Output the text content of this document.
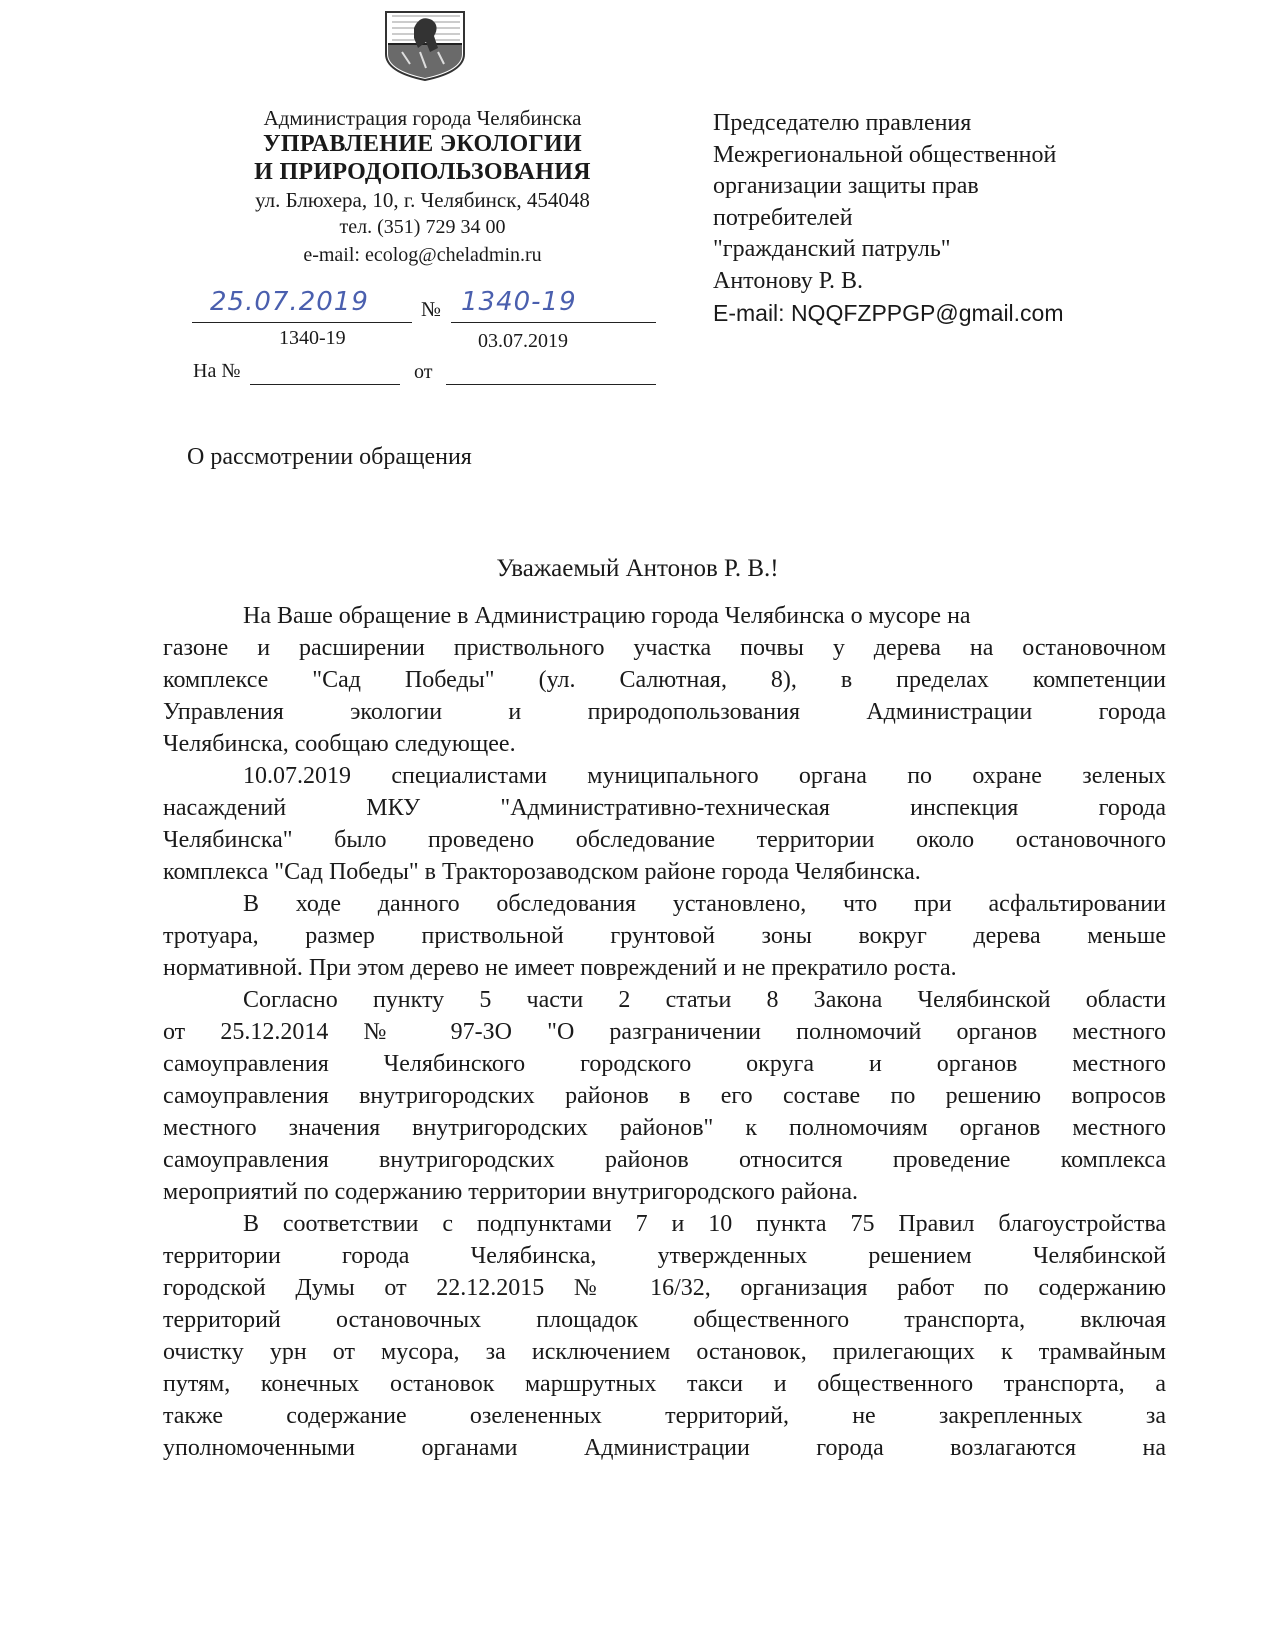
Администрация города Челябинска
УПРАВЛЕНИЕ ЭКОЛОГИИ
И ПРИРОДОПОЛЬЗОВАНИЯ
ул. Блюхера, 10, г. Челябинск, 454048
тел. (351) 729 34 00
e-mail: ecolog@cheladmin.ru
25.07.2019 № 1340-19
1340-19	03.07.2019
На №	от
Председателю правления
Межрегиональной общественной
организации защиты прав
потребителей
"гражданский патруль"
Антонову Р. В.
E-mail: NQQFZPPGP@gmail.com
О рассмотрении обращения
Уважаемый Антонов Р. В.!
На Ваше обращение в Администрацию города Челябинска о мусоре на
газоне и расширении приствольного участка почвы у дерева на остановочном
комплексе "Сад Победы" (ул. Салютная, 8), в пределах компетенции
Управления экологии и природопользования Администрации города
Челябинска, сообщаю следующее.
10.07.2019 специалистами муниципального органа по охране зеленых
насаждений МКУ "Административно-техническая инспекция города
Челябинска" было проведено обследование территории около остановочного
комплекса "Сад Победы" в Тракторозаводском районе города Челябинска.
В ходе данного обследования установлено, что при асфальтировании
тротуара, размер приствольной грунтовой зоны вокруг дерева меньше
нормативной. При этом дерево не имеет повреждений и не прекратило роста.
Согласно пункту 5 части 2 статьи 8 Закона Челябинской области
от 25.12.2014 № 97-ЗО "О разграничении полномочий органов местного
самоуправления Челябинского городского округа и органов местного
самоуправления внутригородских районов в его составе по решению вопросов
местного значения внутригородских районов" к полномочиям органов местного
самоуправления внутригородских районов относится проведение комплекса
мероприятий по содержанию территории внутригородского района.
В соответствии с подпунктами 7 и 10 пункта 75 Правил благоустройства
территории города Челябинска, утвержденных решением Челябинской
городской Думы от 22.12.2015 № 16/32, организация работ по содержанию
территорий остановочных площадок общественного транспорта, включая
очистку урн от мусора, за исключением остановок, прилегающих к трамвайным
путям, конечных остановок маршрутных такси и общественного транспорта, а
также содержание озелененных территорий, не закрепленных за
уполномоченными органами Администрации города возлагаются на
